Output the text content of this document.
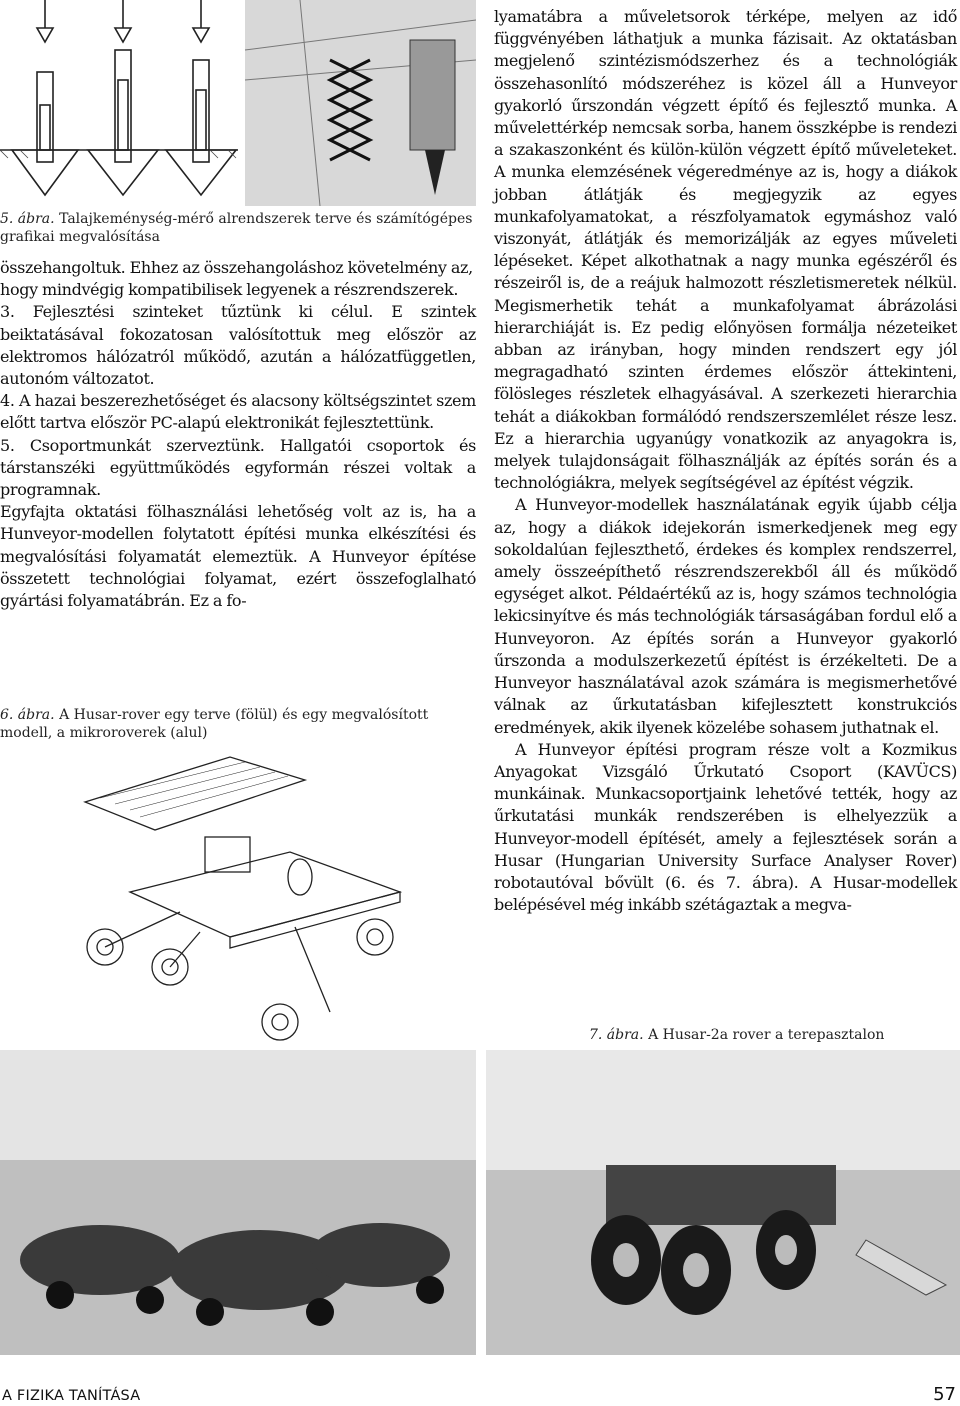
5. ábra. Talajkeménység-mérő alrendszerek terve és számítógépes grafikai megvalósítása

összehangoltuk. Ehhez az összehangoláshoz követelmény az, hogy mindvégig kompatibilisek legyenek a részrendszerek.

3. Fejlesztési szinteket tűztünk ki célul. E szintek beiktatásával fokozatosan valósítottuk meg először az elektromos hálózatról működő, azután a hálózatfüggetlen, autonóm változatot.

4. A hazai beszerezhetőséget és alacsony költségszintet szem előtt tartva először PC-alapú elektronikát fejlesztettünk.

5. Csoportmunkát szerveztünk. Hallgatói csoportok és társtanszéki együttműködés egyformán részei voltak a programnak.

Egyfajta oktatási fölhasználási lehetőség volt az is, ha a Hunveyor-modellen folytatott építési munka elkészítési és megvalósítási folyamatát elemeztük. A Hunveyor építése összetett technológiai folyamat, ezért összefoglalható gyártási folyamatábrán. Ez a fo-

6. ábra. A Husar-rover egy terve (fölül) és egy megvalósított modell, a mikroroverek (alul)

lyamatábra a műveletsorok térképe, melyen az idő függvényében láthatjuk a munka fázisait. Az oktatásban megjelenő szintézismódszerhez és a technológiák összehasonlító módszeréhez is közel áll a Hunveyor gyakorló űrszondán végzett építő és fejlesztő munka. A művelettérkép nemcsak sorba, hanem összképbe is rendezi a szakaszonként és külön-külön végzett építő műveleteket. A munka elemzésének végeredménye az is, hogy a diákok jobban átlátják és megjegyzik az egyes munkafolyamatokat, a részfolyamatok egymáshoz való viszonyát, átlátják és memorizálják az egyes műveleti lépéseket. Képet alkothatnak a nagy munka egészéről és részeiről is, de a reájuk halmozott részletismeretek nélkül. Megismerhetik tehát a munkafolyamat ábrázolási hierarchiáját is. Ez pedig előnyösen formálja nézeteiket abban az irányban, hogy minden rendszert egy jól megragadható szinten érdemes először áttekinteni, fölösleges részletek elhagyásával. A szerkezeti hierarchia tehát a diákokban formálódó rendszerszemlélet része lesz. Ez a hierarchia ugyanúgy vonatkozik az anyagokra is, melyek tulajdonságait fölhasználják az építés során és a technológiákra, melyek segítségével az építést végzik.

A Hunveyor-modellek használatának egyik újabb célja az, hogy a diákok idejekorán ismerkedjenek meg egy sokoldalúan fejleszthető, érdekes és komplex rendszerrel, amely összeépíthető részrendszerekből áll és működő egységet alkot. Példaértékű az is, hogy számos technológia lekicsinyítve és más technológiák társaságában fordul elő a Hunveyoron. Az építés során a Hunveyor gyakorló űrszonda a modulszerkezetű építést is érzékelteti. De a Hunveyor használatával azok számára is megismerhetővé válnak az űrkutatásban kifejlesztett konstrukciós eredmények, akik ilyenek közelébe sohasem juthatnak el.

A Hunveyor építési program része volt a Kozmikus Anyagokat Vizsgáló Űrkutató Csoport (KAVÜCS) munkáinak. Munkacsoportjaink lehetővé tették, hogy az űrkutatási munkák rendszerében is elhelyezzük a Hunveyor-modell építését, amely a fejlesztések során a Husar (Hungarian University Surface Analyser Rover) robotautóval bővült (6. és 7. ábra). A Husar-modellek belépésével még inkább szétágaztak a megva-

7. ábra. A Husar-2a rover a terepasztalon
A FIZIKA TANÍTÁSA	57
